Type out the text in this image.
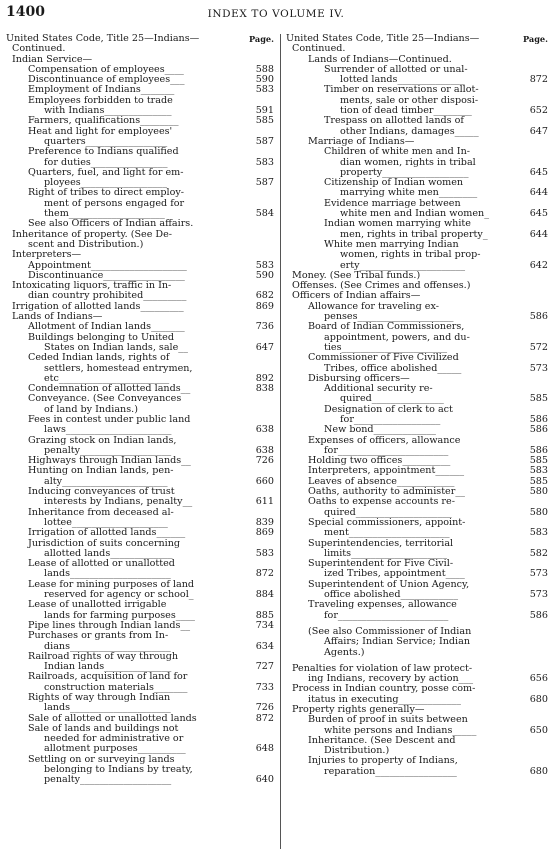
1400	INDEX TO VOLUME IV.
United States Code, Title 25—Indians—	Page.
Continued.
Indian Service—
Compensation of employees____	588
Discontinuance of employees___	590
Employment of Indians_______	583
Employees forbidden to trade
with Indians______________	591
Farmers, qualifications________	585
Heat and light for employees'
quarters_________________	587
Preference to Indians qualified
for duties________________	583
Quarters, fuel, and light for em-
ployees__________________	587
Right of tribes to direct employ-
ment of persons engaged for
them____________________	584
See also Officers of Indian affairs.
Inheritance of property. (See De-
scent and Distribution.)
Interpreters—
Appointment____________________	583
Discontinuance_________________	590
Intoxicating liquors, traffic in In-
dian country prohibited_________	682
Irrigation of allotted lands_________	869
Lands of Indians—
Allotment of Indian lands_______	736
Buildings belonging to United
States on Indian lands, sale__	647
Ceded Indian lands, rights of
settlers, homestead entrymen,
etc_______________________	892
Condemnation of allotted lands__	838
Conveyance. (See Conveyances
of land by Indians.)
Fees in contest under public land
laws______________________	638
Grazing stock on Indian lands,
penalty___________________	638
Highways through Indian lands__	726
Hunting on Indian lands, pen-
alty______________________	660
Inducing conveyances of trust
interests by Indians, penalty__	611
Inheritance from deceased al-
lottee____________________	839
Irrigation of allotted lands______	869
Jurisdiction of suits concerning
allotted lands_____________	583
Lease of allotted or unallotted
lands_____________________	872
Lease for mining purposes of land
reserved for agency or school_	884
Lease of unallotted irrigable
lands for farming purposes____	885
Pipe lines through Indian lands__	734
Purchases or grants from In-
dians_____________________	634
Railroad rights of way through
Indian lands______________	727
Railroads, acquisition of land for
construction materials_______	733
Rights of way through Indian
lands_____________________	726
Sale of allotted or unallotted lands	872
Sale of lands and buildings not
needed for administrative or
allotment purposes__________	648
Settling on or surveying lands
belonging to Indians by treaty,
penalty___________________	640
United States Code, Title 25—Indians—	Page.
Continued.
Lands of Indians—Continued.
Surrender of allotted or unal-
lotted lands______________	872
Timber on reservations or allot-
ments, sale or other disposi-
tion of dead timber________	652
Trespass on allotted lands of
other Indians, damages_____	647
Marriage of Indians—
Children of white men and In-
dian women, rights in tribal
property__________________	645
Citizenship of Indian women
marrying white men________	644
Evidence marriage between
white men and Indian women_	645
Indian women marrying white
men, rights in tribal property_	644
White men marrying Indian
women, rights in tribal prop-
erty______________________	642
Money. (See Tribal funds.)
Offenses. (See Crimes and offenses.)
Officers of Indian affairs—
Allowance for traveling ex-
penses____________________	586
Board of Indian Commissioners,
appointment, powers, and du-
ties______________________	572
Commissioner of Five Civilized
Tribes, office abolished_____	573
Disbursing officers—
Additional security re-
quired_______________	585
Designation of clerk to act
for__________________	586
New bond_____________	586
Expenses of officers, allowance
for_______________________	586
Holding two offices__________	585
Interpreters, appointment______	583
Leaves of absence____________	585
Oaths, authority to administer__	580
Oaths to expense accounts re-
quired____________________	580
Special commissioners, appoint-
ment_____________________	583
Superintendencies, territorial
limits____________________	582
Superintendent for Five Civil-
ized Tribes, appointment____	573
Superintendent of Union Agency,
office abolished____________	573
Traveling expenses, allowance
for_______________________	586
(See also Commissioner of Indian
Affairs; Indian Service; Indian
Agents.)
Penalties for violation of law protect-
ing Indians, recovery by action___	656
Process in Indian country, posse com-
itatus in executing_____________	680
Property rights generally—
Burden of proof in suits between
white persons and Indians_____	650
Inheritance. (See Descent and
Distribution.)
Injuries to property of Indians,
reparation_________________	680
